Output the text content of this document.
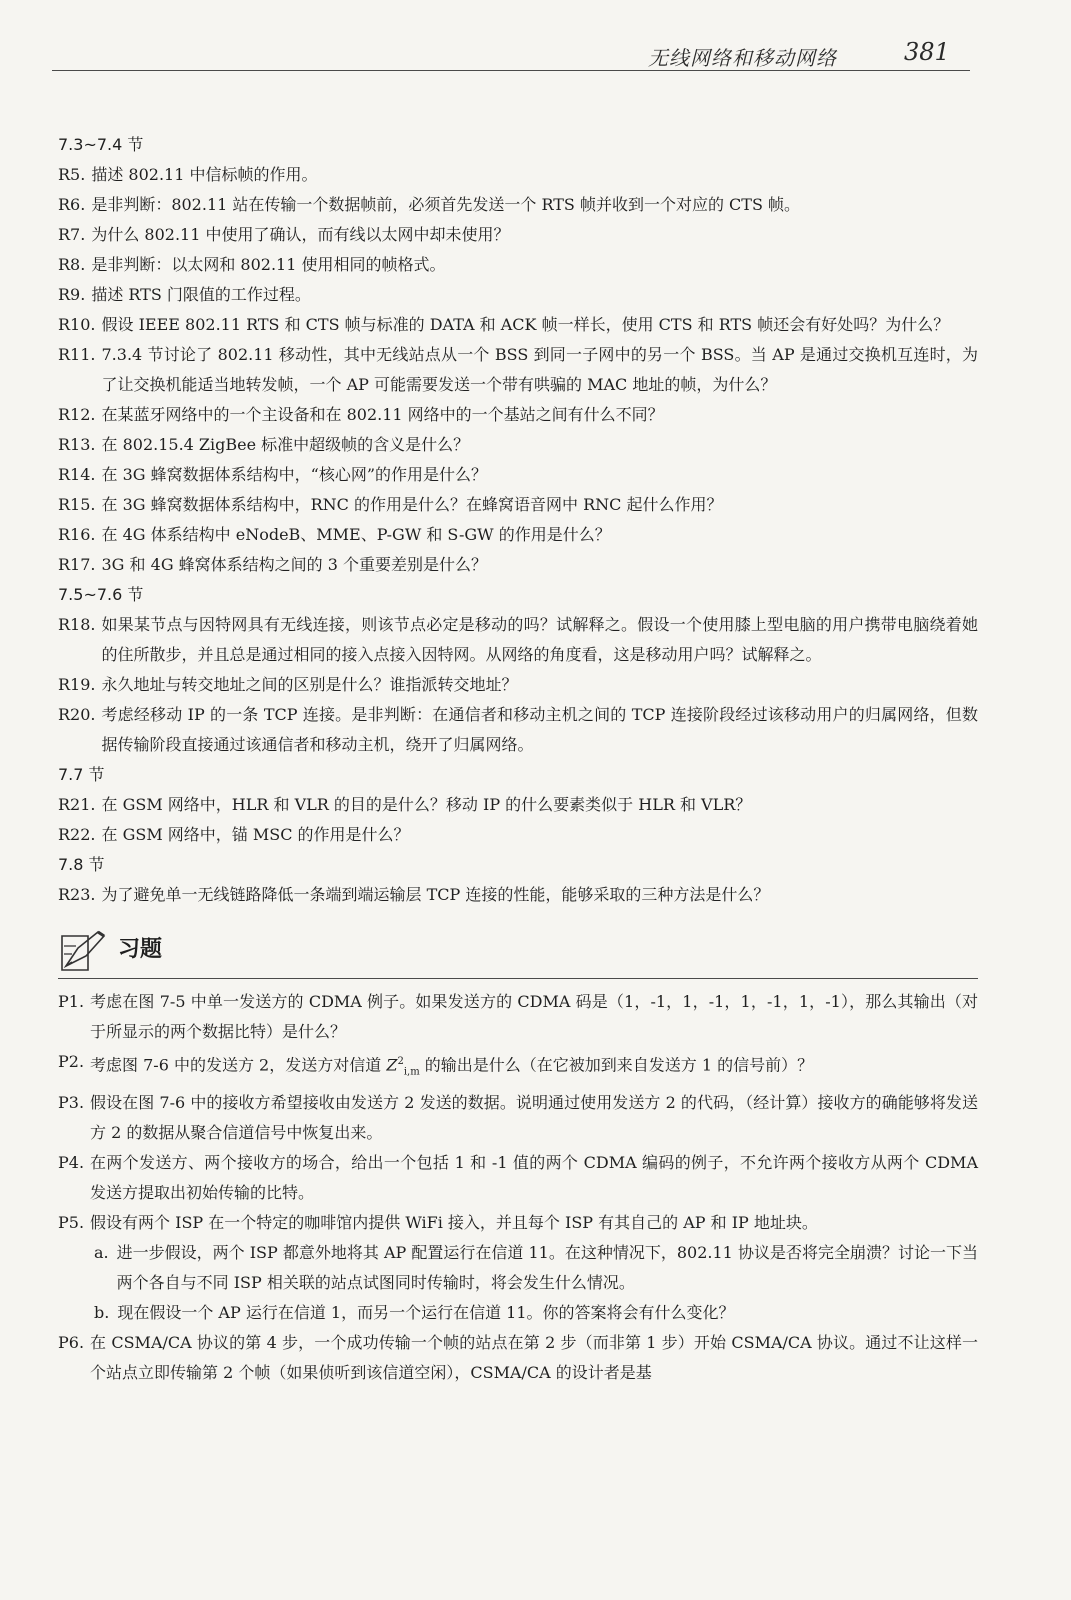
无线网络和移动网络	381
7.3~7.4 节
R5. 描述 802.11 中信标帧的作用。
R6. 是非判断：802.11 站在传输一个数据帧前，必须首先发送一个 RTS 帧并收到一个对应的 CTS 帧。
R7. 为什么 802.11 中使用了确认，而有线以太网中却未使用？
R8. 是非判断：以太网和 802.11 使用相同的帧格式。
R9. 描述 RTS 门限值的工作过程。
R10. 假设 IEEE 802.11 RTS 和 CTS 帧与标准的 DATA 和 ACK 帧一样长，使用 CTS 和 RTS 帧还会有好处吗？为什么？
R11. 7.3.4 节讨论了 802.11 移动性，其中无线站点从一个 BSS 到同一子网中的另一个 BSS。当 AP 是通过交换机互连时，为了让交换机能适当地转发帧，一个 AP 可能需要发送一个带有哄骗的 MAC 地址的帧，为什么？
R12. 在某蓝牙网络中的一个主设备和在 802.11 网络中的一个基站之间有什么不同？
R13. 在 802.15.4 ZigBee 标准中超级帧的含义是什么？
R14. 在 3G 蜂窝数据体系结构中，“核心网”的作用是什么？
R15. 在 3G 蜂窝数据体系结构中，RNC 的作用是什么？在蜂窝语音网中 RNC 起什么作用？
R16. 在 4G 体系结构中 eNodeB、MME、P-GW 和 S-GW 的作用是什么？
R17. 3G 和 4G 蜂窝体系结构之间的 3 个重要差别是什么？
7.5~7.6 节
R18. 如果某节点与因特网具有无线连接，则该节点必定是移动的吗？试解释之。假设一个使用膝上型电脑的用户携带电脑绕着她的住所散步，并且总是通过相同的接入点接入因特网。从网络的角度看，这是移动用户吗？试解释之。
R19. 永久地址与转交地址之间的区别是什么？谁指派转交地址？
R20. 考虑经移动 IP 的一条 TCP 连接。是非判断：在通信者和移动主机之间的 TCP 连接阶段经过该移动用户的归属网络，但数据传输阶段直接通过该通信者和移动主机，绕开了归属网络。
7.7 节
R21. 在 GSM 网络中，HLR 和 VLR 的目的是什么？移动 IP 的什么要素类似于 HLR 和 VLR？
R22. 在 GSM 网络中，锚 MSC 的作用是什么？
7.8 节
R23. 为了避免单一无线链路降低一条端到端运输层 TCP 连接的性能，能够采取的三种方法是什么？
习题
P1. 考虑在图 7-5 中单一发送方的 CDMA 例子。如果发送方的 CDMA 码是（1，-1，1，-1，1，-1，1，-1），那么其输出（对于所显示的两个数据比特）是什么？
P2. 考虑图 7-6 中的发送方 2，发送方对信道 $Z^2_{i,m}$ 的输出是什么（在它被加到来自发送方 1 的信号前）？
P3. 假设在图 7-6 中的接收方希望接收由发送方 2 发送的数据。说明通过使用发送方 2 的代码，（经计算）接收方的确能够将发送方 2 的数据从聚合信道信号中恢复出来。
P4. 在两个发送方、两个接收方的场合，给出一个包括 1 和 -1 值的两个 CDMA 编码的例子，不允许两个接收方从两个 CDMA 发送方提取出初始传输的比特。
P5. 假设有两个 ISP 在一个特定的咖啡馆内提供 WiFi 接入，并且每个 ISP 有其自己的 AP 和 IP 地址块。
a. 进一步假设，两个 ISP 都意外地将其 AP 配置运行在信道 11。在这种情况下，802.11 协议是否将完全崩溃？讨论一下当两个各自与不同 ISP 相关联的站点试图同时传输时，将会发生什么情况。
b. 现在假设一个 AP 运行在信道 1，而另一个运行在信道 11。你的答案将会有什么变化？
P6. 在 CSMA/CA 协议的第 4 步，一个成功传输一个帧的站点在第 2 步（而非第 1 步）开始 CSMA/CA 协议。通过不让这样一个站点立即传输第 2 个帧（如果侦听到该信道空闲），CSMA/CA 的设计者是基
